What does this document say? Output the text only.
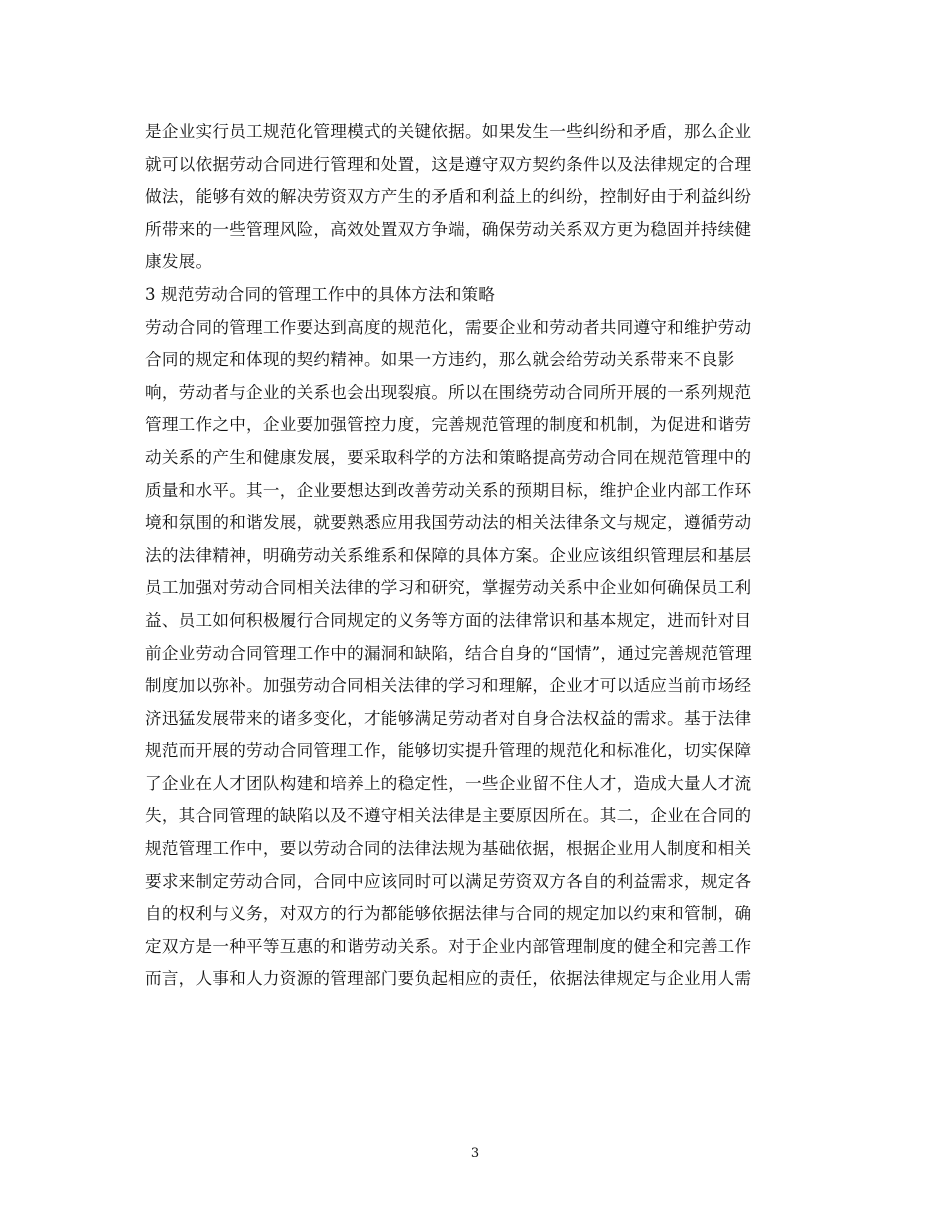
是企业实行员工规范化管理模式的关键依据。如果发生一些纠纷和矛盾，那么企业
就可以依据劳动合同进行管理和处置，这是遵守双方契约条件以及法律规定的合理
做法，能够有效的解决劳资双方产生的矛盾和利益上的纠纷，控制好由于利益纠纷
所带来的一些管理风险，高效处置双方争端，确保劳动关系双方更为稳固并持续健
康发展。
3 规范劳动合同的管理工作中的具体方法和策略
劳动合同的管理工作要达到高度的规范化，需要企业和劳动者共同遵守和维护劳动
合同的规定和体现的契约精神。如果一方违约，那么就会给劳动关系带来不良影
响，劳动者与企业的关系也会出现裂痕。所以在围绕劳动合同所开展的一系列规范
管理工作之中，企业要加强管控力度，完善规范管理的制度和机制，为促进和谐劳
动关系的产生和健康发展，要采取科学的方法和策略提高劳动合同在规范管理中的
质量和水平。其一，企业要想达到改善劳动关系的预期目标，维护企业内部工作环
境和氛围的和谐发展，就要熟悉应用我国劳动法的相关法律条文与规定，遵循劳动
法的法律精神，明确劳动关系维系和保障的具体方案。企业应该组织管理层和基层
员工加强对劳动合同相关法律的学习和研究，掌握劳动关系中企业如何确保员工利
益、员工如何积极履行合同规定的义务等方面的法律常识和基本规定，进而针对目
前企业劳动合同管理工作中的漏洞和缺陷，结合自身的“国情”，通过完善规范管理
制度加以弥补。加强劳动合同相关法律的学习和理解，企业才可以适应当前市场经
济迅猛发展带来的诸多变化，才能够满足劳动者对自身合法权益的需求。基于法律
规范而开展的劳动合同管理工作，能够切实提升管理的规范化和标准化，切实保障
了企业在人才团队构建和培养上的稳定性，一些企业留不住人才，造成大量人才流
失，其合同管理的缺陷以及不遵守相关法律是主要原因所在。其二，企业在合同的
规范管理工作中，要以劳动合同的法律法规为基础依据，根据企业用人制度和相关
要求来制定劳动合同，合同中应该同时可以满足劳资双方各自的利益需求，规定各
自的权利与义务，对双方的行为都能够依据法律与合同的规定加以约束和管制，确
定双方是一种平等互惠的和谐劳动关系。对于企业内部管理制度的健全和完善工作
而言，人事和人力资源的管理部门要负起相应的责任，依据法律规定与企业用人需
3
